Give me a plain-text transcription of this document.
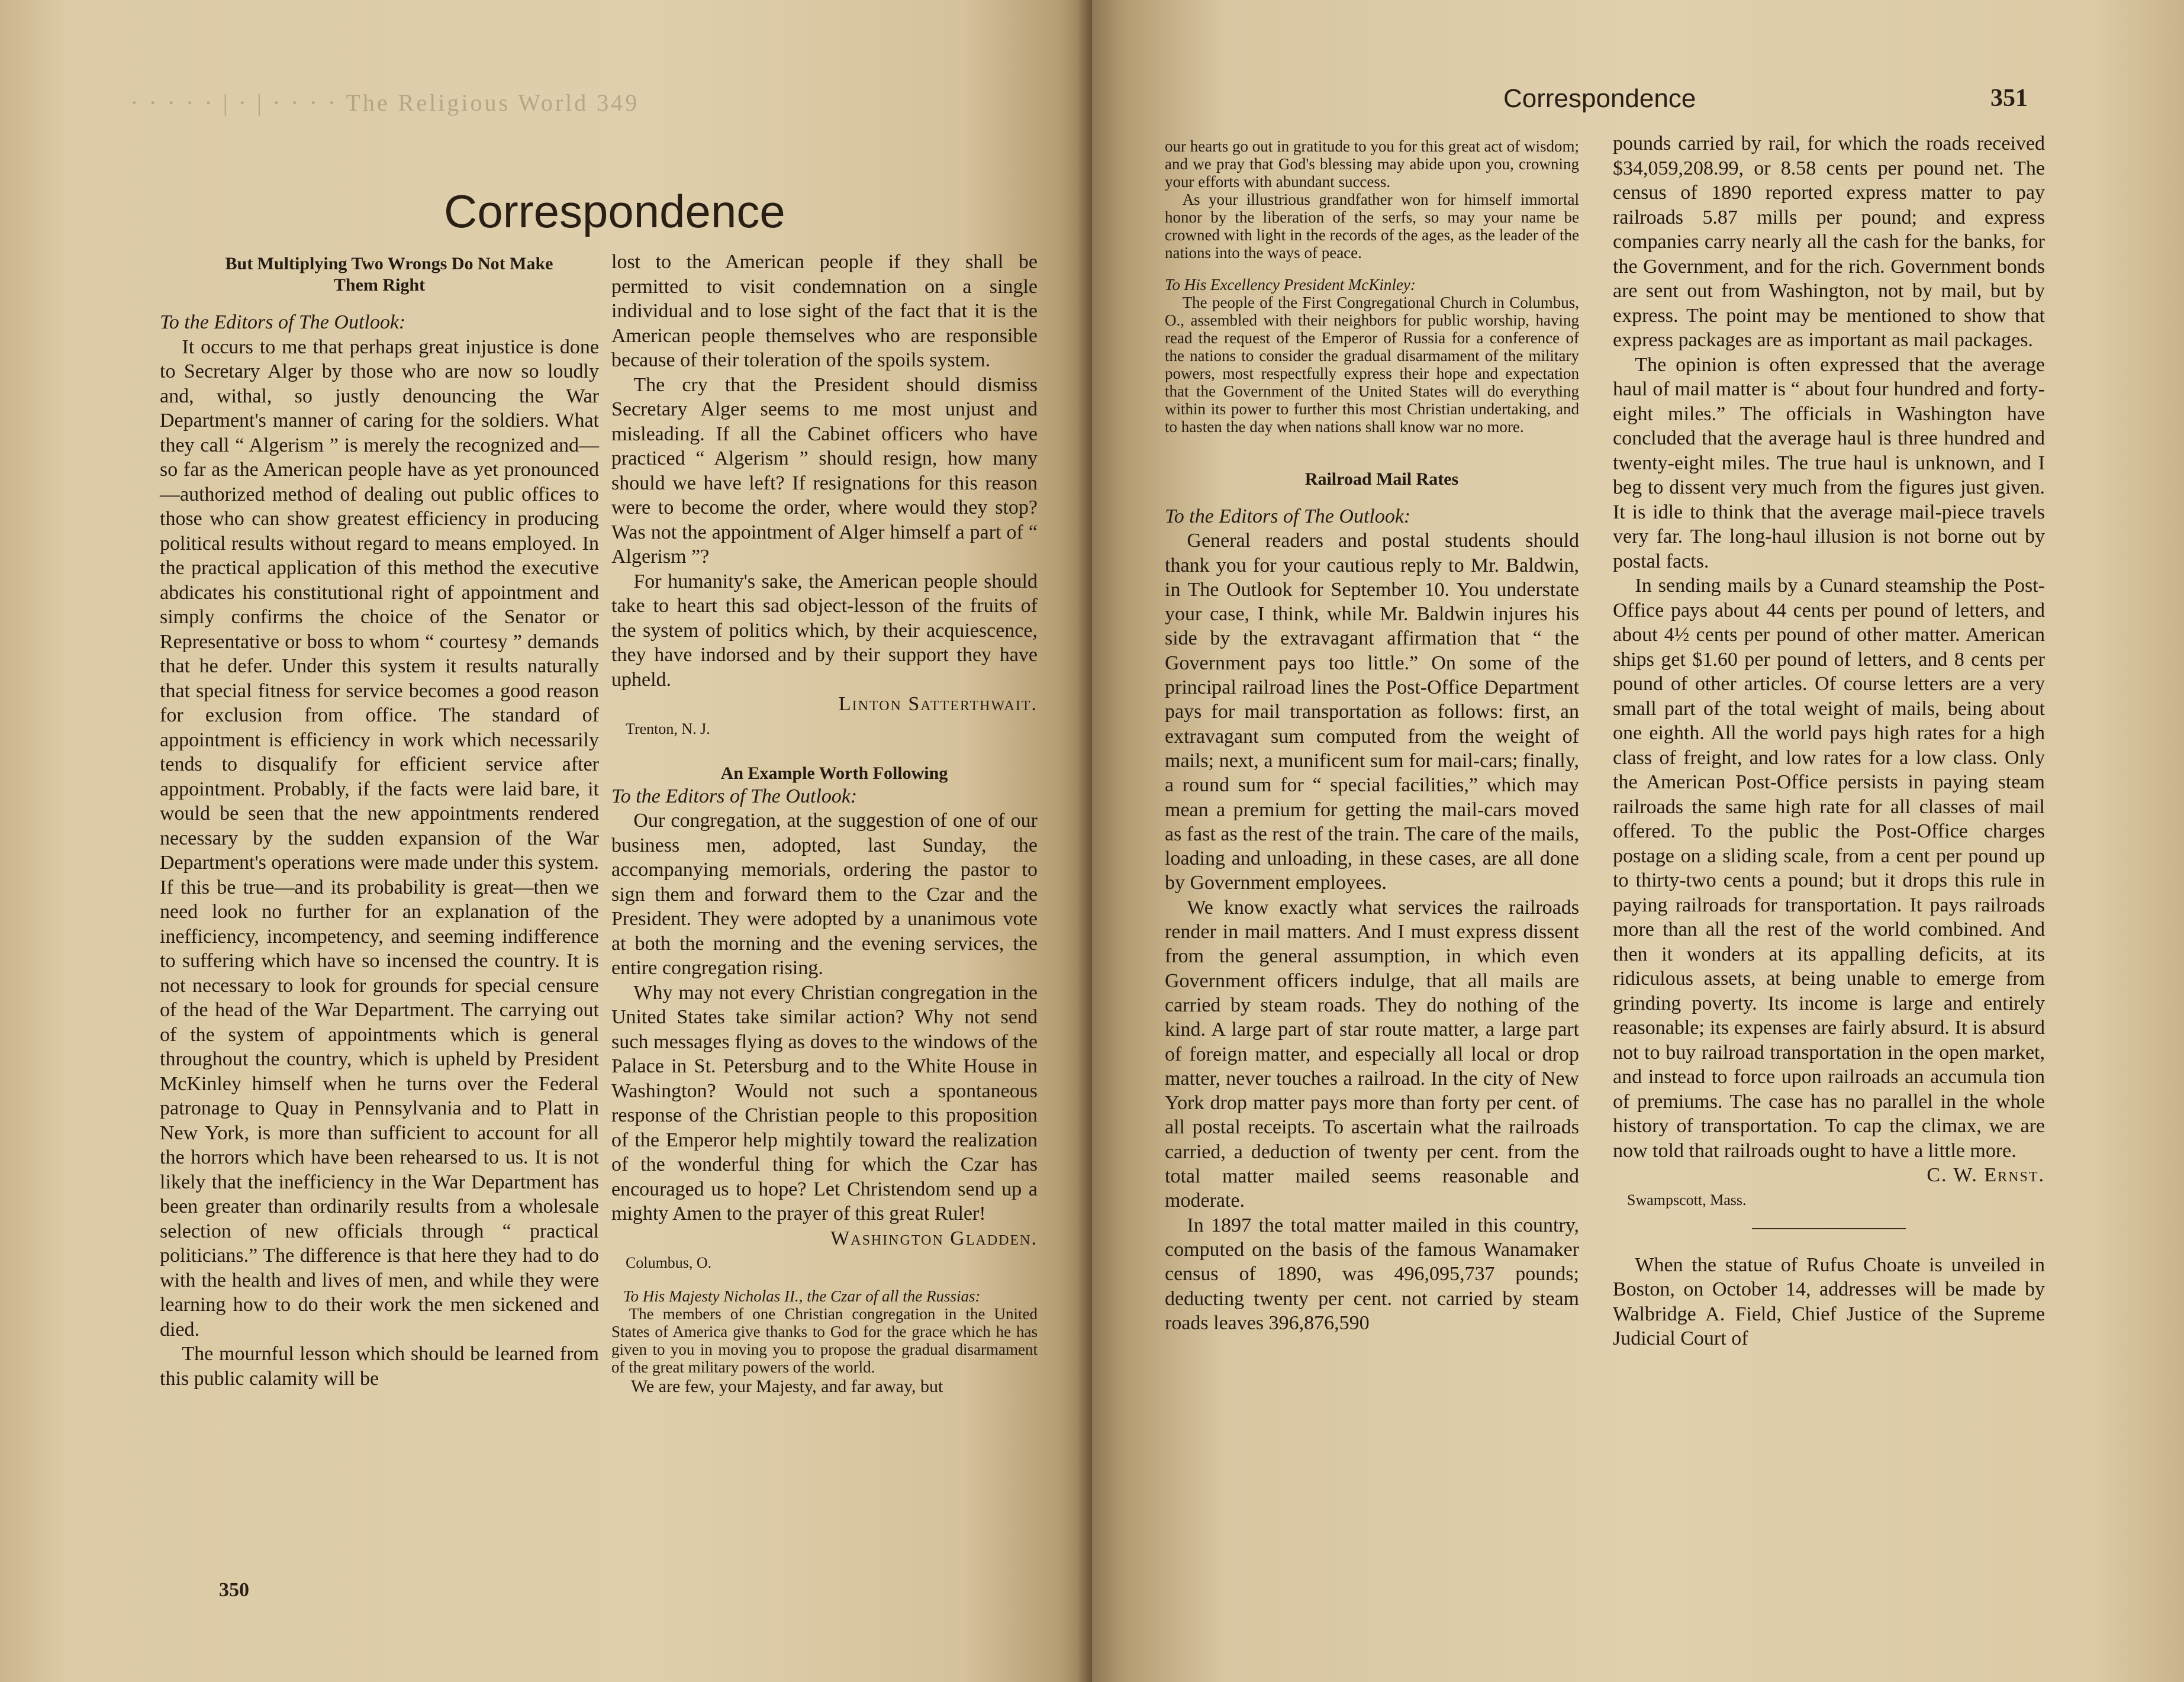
· · · · · | · | · · · · The Religious World 349
Correspondence

But Multiplying Two Wrongs Do Not Make Them Right

To the Editors of The Outlook:

It occurs to me that perhaps great injustice is done to Secretary Alger by those who are now so loudly and, withal, so justly denouncing the War Department's manner of caring for the soldiers. What they call “ Algerism ” is merely the recognized and—so far as the American people have as yet pronounced—authorized method of dealing out public offices to those who can show greatest efficiency in producing political results without regard to means employed. In the practical application of this method the executive abdicates his constitutional right of appointment and simply confirms the choice of the Senator or Representative or boss to whom “ courtesy ” demands that he defer. Under this system it results naturally that special fitness for service becomes a good reason for exclusion from office. The standard of appointment is efficiency in work which necessarily tends to disqualify for efficient service after appointment. Probably, if the facts were laid bare, it would be seen that the new appointments rendered necessary by the sudden expansion of the War Department's operations were made under this system. If this be true—and its probability is great—then we need look no further for an explanation of the inefficiency, incompetency, and seeming indifference to suffering which have so incensed the country. It is not necessary to look for grounds for special censure of the head of the War Department. The carrying out of the system of appointments which is general throughout the country, which is upheld by President McKinley himself when he turns over the Federal patronage to Quay in Pennsylvania and to Platt in New York, is more than sufficient to account for all the horrors which have been rehearsed to us. It is not likely that the inefficiency in the War Department has been greater than ordinarily results from a wholesale selection of new officials through “ practical politicians.” The difference is that here they had to do with the health and lives of men, and while they were learning how to do their work the men sickened and died.

The mournful lesson which should be learned from this public calamity will be

350

lost to the American people if they shall be permitted to visit condemnation on a single individual and to lose sight of the fact that it is the American people themselves who are responsible because of their toleration of the spoils system.

The cry that the President should dismiss Secretary Alger seems to me most unjust and misleading. If all the Cabinet officers who have practiced “ Algerism ” should resign, how many should we have left? If resignations for this reason were to become the order, where would they stop? Was not the appointment of Alger himself a part of “ Algerism ”?

For humanity's sake, the American people should take to heart this sad object-lesson of the fruits of the system of politics which, by their acquiescence, they have indorsed and by their support they have upheld.

Linton Satterthwait.

Trenton, N. J.

An Example Worth Following

To the Editors of The Outlook:

Our congregation, at the suggestion of one of our business men, adopted, last Sunday, the accompanying memorials, ordering the pastor to sign them and forward them to the Czar and the President. They were adopted by a unanimous vote at both the morning and the evening services, the entire congregation rising.

Why may not every Christian congregation in the United States take similar action? Why not send such messages flying as doves to the windows of the Palace in St. Petersburg and to the White House in Washington? Would not such a spontaneous response of the Christian people to this proposition of the Emperor help mightily toward the realization of the wonderful thing for which the Czar has encouraged us to hope? Let Christendom send up a mighty Amen to the prayer of this great Ruler!

Washington Gladden.

Columbus, O.

To His Majesty Nicholas II., the Czar of all the Russias:

The members of one Christian congregation in the United States of America give thanks to God for the grace which he has given to you in moving you to propose the gradual disarmament of the great military powers of the world.

We are few, your Majesty, and far away, but

Correspondence	351

our hearts go out in gratitude to you for this great act of wisdom; and we pray that God's blessing may abide upon you, crowning your efforts with abundant success.

As your illustrious grandfather won for himself immortal honor by the liberation of the serfs, so may your name be crowned with light in the records of the ages, as the leader of the nations into the ways of peace.

To His Excellency President McKinley:

The people of the First Congregational Church in Columbus, O., assembled with their neighbors for public worship, having read the request of the Emperor of Russia for a conference of the nations to consider the gradual disarmament of the military powers, most respectfully express their hope and expectation that the Government of the United States will do everything within its power to further this most Christian undertaking, and to hasten the day when nations shall know war no more.

Railroad Mail Rates

To the Editors of The Outlook:

General readers and postal students should thank you for your cautious reply to Mr. Baldwin, in The Outlook for September 10. You understate your case, I think, while Mr. Baldwin injures his side by the extravagant affirmation that “ the Government pays too little.” On some of the principal railroad lines the Post-Office Department pays for mail transportation as follows: first, an extravagant sum computed from the weight of mails; next, a munificent sum for mail-cars; finally, a round sum for “ special facilities,” which may mean a premium for getting the mail-cars moved as fast as the rest of the train. The care of the mails, loading and unloading, in these cases, are all done by Government employees.

We know exactly what services the railroads render in mail matters. And I must express dissent from the general assumption, in which even Government officers indulge, that all mails are carried by steam roads. They do nothing of the kind. A large part of star route matter, a large part of foreign matter, and especially all local or drop matter, never touches a railroad. In the city of New York drop matter pays more than forty per cent. of all postal receipts. To ascertain what the railroads carried, a deduction of twenty per cent. from the total matter mailed seems reasonable and moderate.

In 1897 the total matter mailed in this country, computed on the basis of the famous Wanamaker census of 1890, was 496,095,737 pounds; deducting twenty per cent. not carried by steam roads leaves 396,876,590

pounds carried by rail, for which the roads received $34,059,208.99, or 8.58 cents per pound net. The census of 1890 reported express matter to pay railroads 5.87 mills per pound; and express companies carry nearly all the cash for the banks, for the Government, and for the rich. Government bonds are sent out from Washington, not by mail, but by express. The point may be mentioned to show that express packages are as important as mail packages.

The opinion is often expressed that the average haul of mail matter is “ about four hundred and forty-eight miles.” The officials in Washington have concluded that the average haul is three hundred and twenty-eight miles. The true haul is unknown, and I beg to dissent very much from the figures just given. It is idle to think that the average mail-piece travels very far. The long-haul illusion is not borne out by postal facts.

In sending mails by a Cunard steamship the Post-Office pays about 44 cents per pound of letters, and about 4½ cents per pound of other matter. American ships get $1.60 per pound of letters, and 8 cents per pound of other articles. Of course letters are a very small part of the total weight of mails, being about one eighth. All the world pays high rates for a high class of freight, and low rates for a low class. Only the American Post-Office persists in paying steam railroads the same high rate for all classes of mail offered. To the public the Post-Office charges postage on a sliding scale, from a cent per pound up to thirty-two cents a pound; but it drops this rule in paying railroads for transportation. It pays railroads more than all the rest of the world combined. And then it wonders at its appalling deficits, at its ridiculous assets, at being unable to emerge from grinding poverty. Its income is large and entirely reasonable; its expenses are fairly absurd. It is absurd not to buy railroad transportation in the open market, and instead to force upon railroads an accumula tion of premiums. The case has no parallel in the whole history of transportation. To cap the climax, we are now told that railroads ought to have a little more.

C. W. Ernst.

Swampscott, Mass.

When the statue of Rufus Choate is unveiled in Boston, on October 14, addresses will be made by Walbridge A. Field, Chief Justice of the Supreme Judicial Court of
